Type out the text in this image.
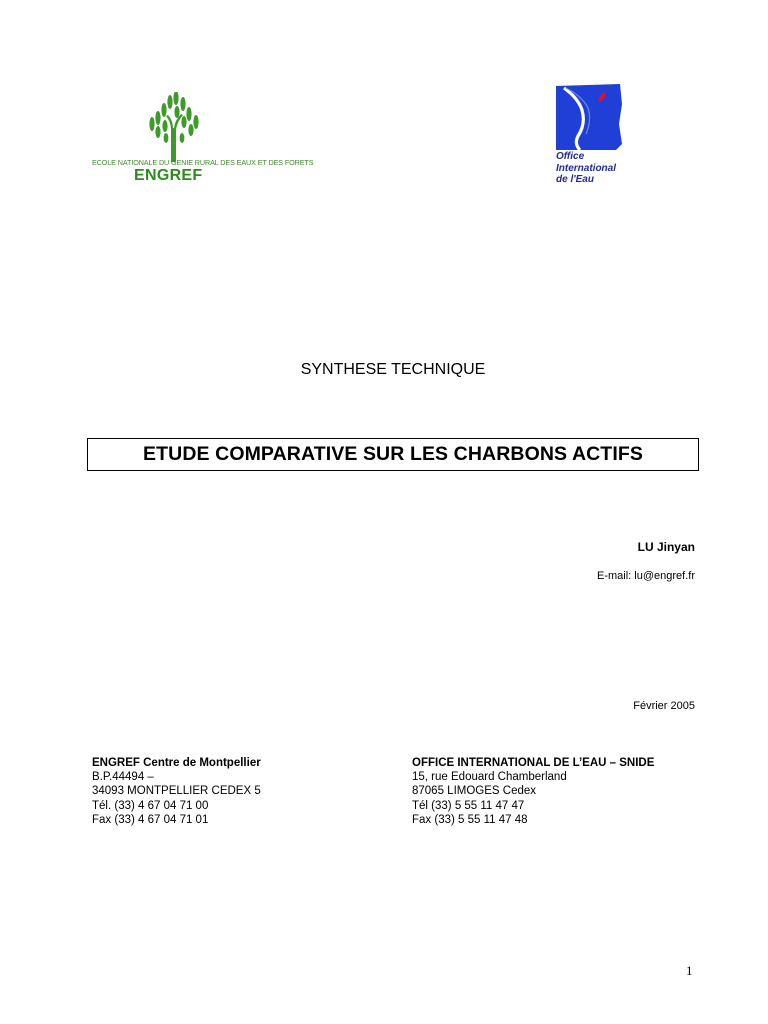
ECOLE NATIONALE DU GENIE RURAL DES EAUX ET DES FORETS
ENGREF
Office
International
de l'Eau
SYNTHESE TECHNIQUE
ETUDE COMPARATIVE SUR LES CHARBONS ACTIFS
LU Jinyan
E-mail: lu@engref.fr
Février 2005
ENGREF Centre de Montpellier
B.P.44494 –
34093 MONTPELLIER CEDEX 5
Tél. (33) 4 67 04 71 00
Fax (33) 4 67 04 71 01
OFFICE INTERNATIONAL DE L’EAU – SNIDE
15, rue Edouard Chamberland
87065 LIMOGES Cedex
Tél (33) 5 55 11 47 47
Fax (33) 5 55 11 47 48
1
